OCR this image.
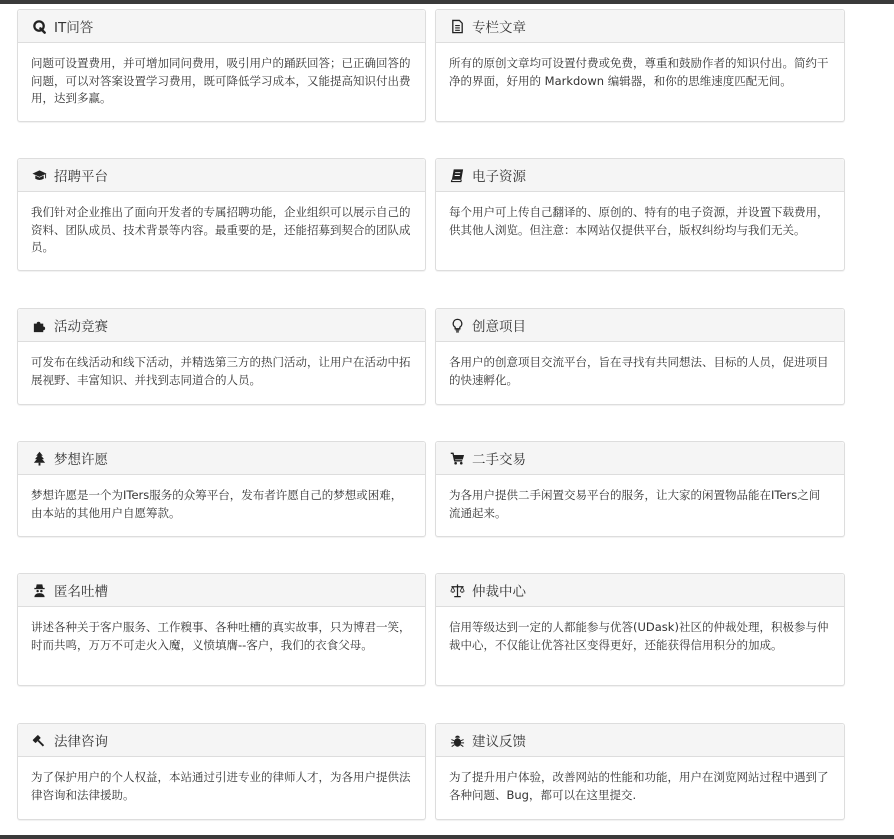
IT问答
问题可设置费用，并可增加同问费用，吸引用户的踊跃回答；已正确回答的问题，可以对答案设置学习费用，既可降低学习成本，又能提高知识付出费用，达到多赢。
专栏文章
所有的原创文章均可设置付费或免费，尊重和鼓励作者的知识付出。简约干净的界面，好用的 Markdown 编辑器，和你的思维速度匹配无间。
招聘平台
我们针对企业推出了面向开发者的专属招聘功能，企业组织可以展示自己的资料、团队成员、技术背景等内容。最重要的是，还能招募到契合的团队成员。
电子资源
每个用户可上传自己翻译的、原创的、特有的电子资源，并设置下载费用，供其他人浏览。但注意：本网站仅提供平台，版权纠纷均与我们无关。
活动竞赛
可发布在线活动和线下活动，并精选第三方的热门活动，让用户在活动中拓展视野、丰富知识、并找到志同道合的人员。
创意项目
各用户的创意项目交流平台，旨在寻找有共同想法、目标的人员，促进项目的快速孵化。
梦想许愿
梦想许愿是一个为ITers服务的众筹平台，发布者许愿自己的梦想或困难，由本站的其他用户自愿筹款。
二手交易
为各用户提供二手闲置交易平台的服务，让大家的闲置物品能在ITers之间流通起来。
匿名吐槽
讲述各种关于客户服务、工作糗事、各种吐槽的真实故事，只为博君一笑，时而共鸣，万万不可走火入魔，义愤填膺--客户，我们的衣食父母。
仲裁中心
信用等级达到一定的人都能参与优答(UDask)社区的仲裁处理，积极参与仲裁中心，不仅能让优答社区变得更好，还能获得信用积分的加成。
法律咨询
为了保护用户的个人权益，本站通过引进专业的律师人才，为各用户提供法律咨询和法律援助。
建议反馈
为了提升用户体验，改善网站的性能和功能，用户在浏览网站过程中遇到了各种问题、Bug，都可以在这里提交.
